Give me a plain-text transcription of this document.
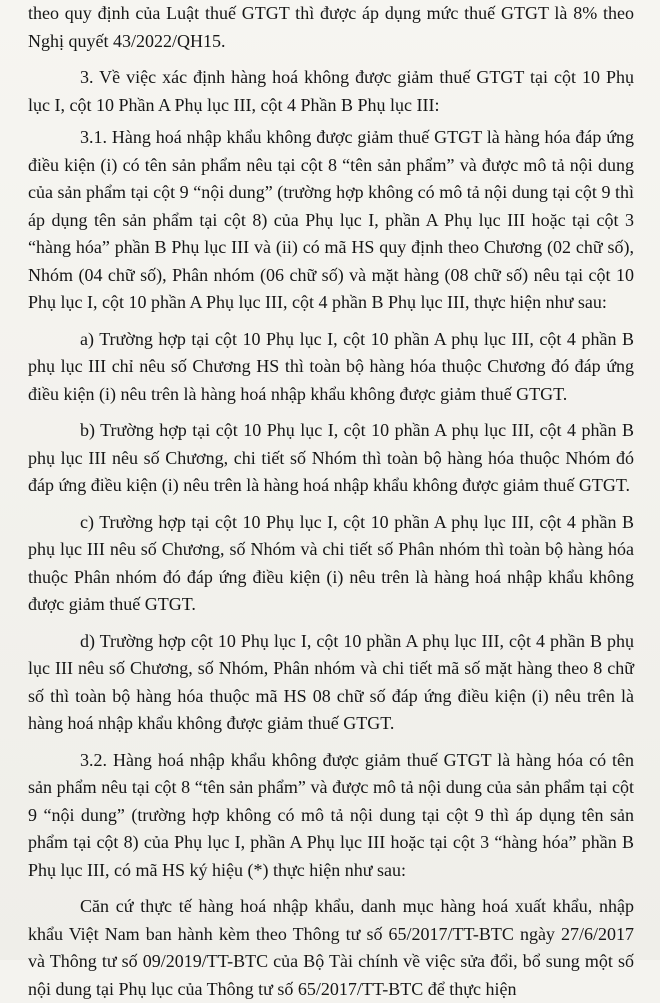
theo quy định của Luật thuế GTGT thì được áp dụng mức thuế GTGT là 8% theo Nghị quyết 43/2022/QH15.

3. Về việc xác định hàng hoá không được giảm thuế GTGT tại cột 10 Phụ lục I, cột 10 Phần A Phụ lục III, cột 4 Phần B Phụ lục III:

3.1. Hàng hoá nhập khẩu không được giảm thuế GTGT là hàng hóa đáp ứng điều kiện (i) có tên sản phẩm nêu tại cột 8 “tên sản phẩm” và được mô tả nội dung của sản phẩm tại cột 9 “nội dung” (trường hợp không có mô tả nội dung tại cột 9 thì áp dụng tên sản phẩm tại cột 8) của Phụ lục I, phần A Phụ lục III hoặc tại cột 3 “hàng hóa” phần B Phụ lục III và (ii) có mã HS quy định theo Chương (02 chữ số), Nhóm (04 chữ số), Phân nhóm (06 chữ số) và mặt hàng (08 chữ số) nêu tại cột 10 Phụ lục I, cột 10 phần A Phụ lục III, cột 4 phần B Phụ lục III, thực hiện như sau:

a) Trường hợp tại cột 10 Phụ lục I, cột 10 phần A phụ lục III, cột 4 phần B phụ lục III chỉ nêu số Chương HS thì toàn bộ hàng hóa thuộc Chương đó đáp ứng điều kiện (i) nêu trên là hàng hoá nhập khẩu không được giảm thuế GTGT.

b) Trường hợp tại cột 10 Phụ lục I, cột 10 phần A phụ lục III, cột 4 phần B phụ lục III nêu số Chương, chi tiết số Nhóm thì toàn bộ hàng hóa thuộc Nhóm đó đáp ứng điều kiện (i) nêu trên là hàng hoá nhập khẩu không được giảm thuế GTGT.

c) Trường hợp tại cột 10 Phụ lục I, cột 10 phần A phụ lục III, cột 4 phần B phụ lục III nêu số Chương, số Nhóm và chi tiết số Phân nhóm thì toàn bộ hàng hóa thuộc Phân nhóm đó đáp ứng điều kiện (i) nêu trên là hàng hoá nhập khẩu không được giảm thuế GTGT.

d) Trường hợp cột 10 Phụ lục I, cột 10 phần A phụ lục III, cột 4 phần B phụ lục III nêu số Chương, số Nhóm, Phân nhóm và chi tiết mã số mặt hàng theo 8 chữ số thì toàn bộ hàng hóa thuộc mã HS 08 chữ số đáp ứng điều kiện (i) nêu trên là hàng hoá nhập khẩu không được giảm thuế GTGT.

3.2. Hàng hoá nhập khẩu không được giảm thuế GTGT là hàng hóa có tên sản phẩm nêu tại cột 8 “tên sản phẩm” và được mô tả nội dung của sản phẩm tại cột 9 “nội dung” (trường hợp không có mô tả nội dung tại cột 9 thì áp dụng tên sản phẩm tại cột 8) của Phụ lục I, phần A Phụ lục III hoặc tại cột 3 “hàng hóa” phần B Phụ lục III, có mã HS ký hiệu (*) thực hiện như sau:

Căn cứ thực tế hàng hoá nhập khẩu, danh mục hàng hoá xuất khẩu, nhập khẩu Việt Nam ban hành kèm theo Thông tư số 65/2017/TT-BTC ngày 27/6/2017 và Thông tư số 09/2019/TT-BTC của Bộ Tài chính về việc sửa đổi, bổ sung một số nội dung tại Phụ lục của Thông tư số 65/2017/TT-BTC để thực hiện
